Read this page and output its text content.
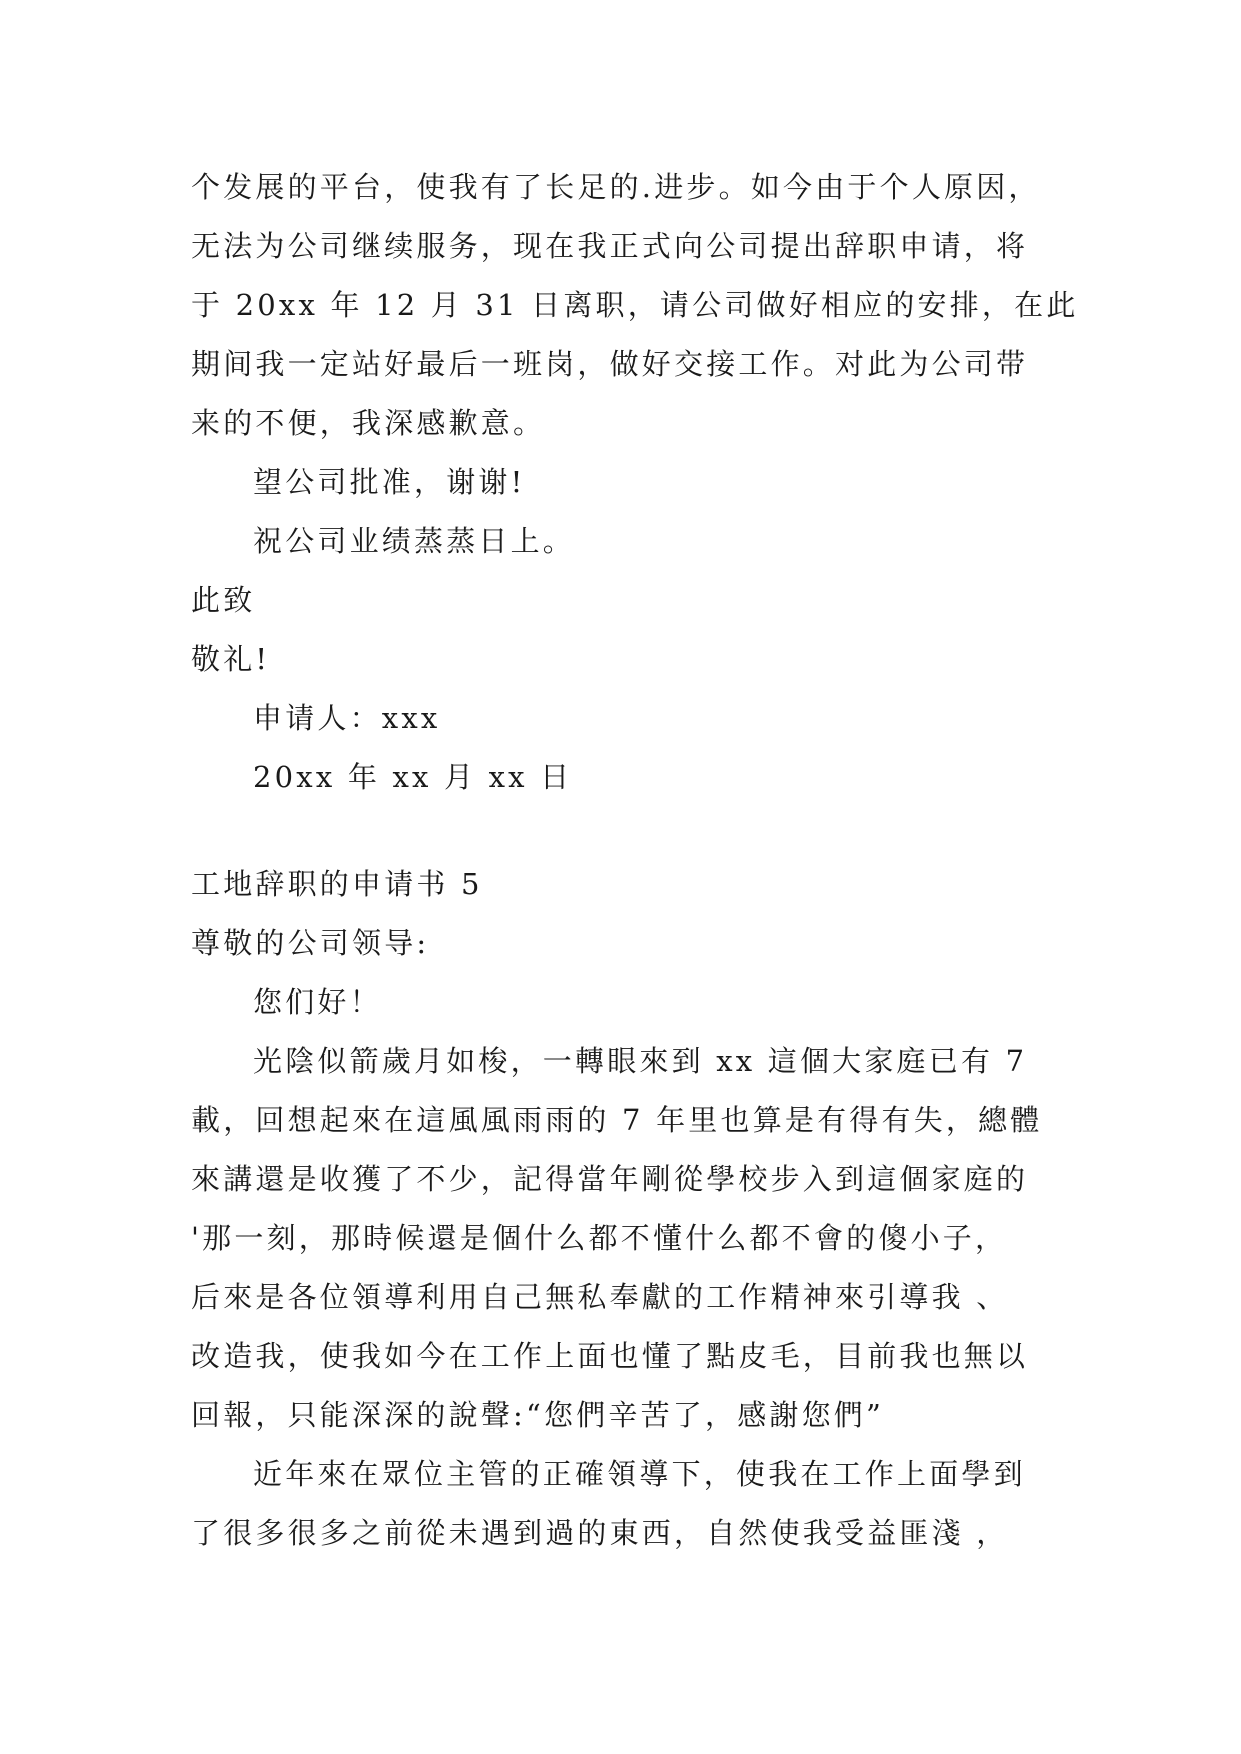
个发展的平台，使我有了长足的.进步。如今由于个人原因，
无法为公司继续服务，现在我正式向公司提出辞职申请，将
于 20xx 年 12 月 31 日离职，请公司做好相应的安排，在此
期间我一定站好最后一班岗，做好交接工作。对此为公司带
来的不便，我深感歉意。
望公司批准，谢谢!
祝公司业绩蒸蒸日上。
此致
敬礼!
申请人：xxx
20xx 年 xx 月 xx 日
工地辞职的申请书 5
尊敬的公司领导:
您们好！
光陰似箭歲月如梭，一轉眼來到 xx 這個大家庭已有 7
載，回想起來在這風風雨雨的 7 年里也算是有得有失，總體
來講還是收獲了不少，記得當年剛從學校步入到這個家庭的
'那一刻，那時候還是個什么都不懂什么都不會的傻小子，
后來是各位領導利用自己無私奉獻的工作精神來引導我 、
改造我，使我如今在工作上面也懂了點皮毛，目前我也無以
回報，只能深深的說聲:“您們辛苦了，感謝您們”
近年來在眾位主管的正確領導下，使我在工作上面學到
了很多很多之前從未遇到過的東西，自然使我受益匪淺 ，
